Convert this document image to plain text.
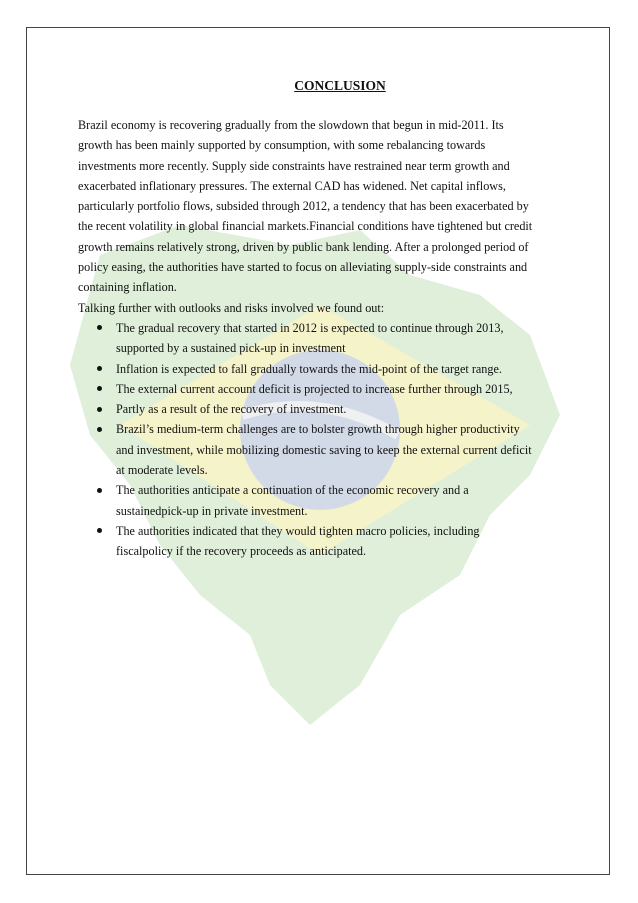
CONCLUSION
Brazil economy is recovering gradually from the slowdown that begun in mid-2011. Its
growth has been mainly supported by consumption, with some rebalancing towards
investments more recently. Supply side constraints have restrained near term growth and
exacerbated inflationary pressures. The external CAD has widened. Net capital inflows,
particularly portfolio flows, subsided through 2012, a tendency that has been exacerbated by
the recent volatility in global financial markets.Financial conditions have tightened but credit
growth remains relatively strong, driven by public bank lending. After a prolonged period of
policy easing, the authorities have started to focus on alleviating supply-side constraints and
containing inflation.
Talking further with outlooks and risks involved we found out:
The gradual recovery that started in 2012 is expected to continue through 2013,
supported by a sustained pick-up in investment
Inflation is expected to fall gradually towards the mid-point of the target range.
The external current account deficit is projected to increase further through 2015,
Partly as a result of the recovery of investment.
Brazil’s medium-term challenges are to bolster growth through higher productivity
and investment, while mobilizing domestic saving to keep the external current deficit
at moderate levels.
The authorities anticipate a continuation of the economic recovery and a
sustainedpick-up in private investment.
The authorities indicated that they would tighten macro policies, including
fiscalpolicy if the recovery proceeds as anticipated.
